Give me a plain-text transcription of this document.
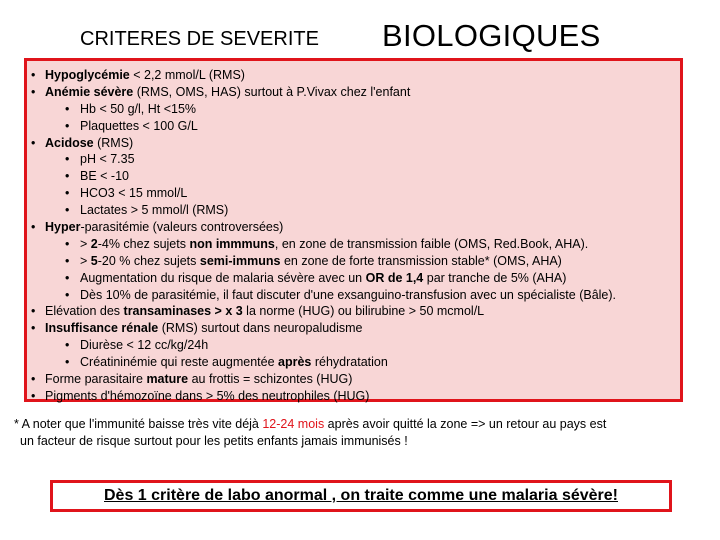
CRITERES DE SEVERITE BIOLOGIQUES
• Hypoglycémie < 2,2 mmol/L (RMS)
• Anémie sévère (RMS, OMS, HAS) surtout à P.Vivax chez l'enfant
• Hb < 50 g/l, Ht <15%
• Plaquettes < 100 G/L
• Acidose (RMS)
• pH < 7.35
• BE < -10
• HCO3 < 15 mmol/L
• Lactates > 5 mmol/l (RMS)
• Hyper-parasitémie (valeurs controversées)
• > 2-4% chez sujets non immmuns, en zone de transmission faible (OMS, Red.Book, AHA).
• > 5-20 % chez sujets semi-immuns en zone de forte transmission stable* (OMS, AHA)
• Augmentation du risque de malaria sévère avec un OR de 1,4 par tranche de 5% (AHA)
• Dès 10% de parasitémie, il faut discuter d'une exsanguino-transfusion avec un spécialiste (Bâle).
• Elévation des transaminases > x 3 la norme (HUG) ou bilirubine > 50 mcmol/L
• Insuffisance rénale (RMS) surtout dans neuropaludisme
• Diurèse < 12 cc/kg/24h
• Créatininémie qui reste augmentée après réhydratation
• Forme parasitaire mature au frottis = schizontes (HUG)
• Pigments d'hémozoïne dans > 5% des neutrophiles (HUG)
* A noter que l'immunité baisse très vite déjà 12-24 mois après avoir quitté la zone => un retour au pays est
un facteur de risque surtout pour les petits enfants jamais immunisés !
Dès 1 critère de labo anormal , on traite comme une malaria sévère!
